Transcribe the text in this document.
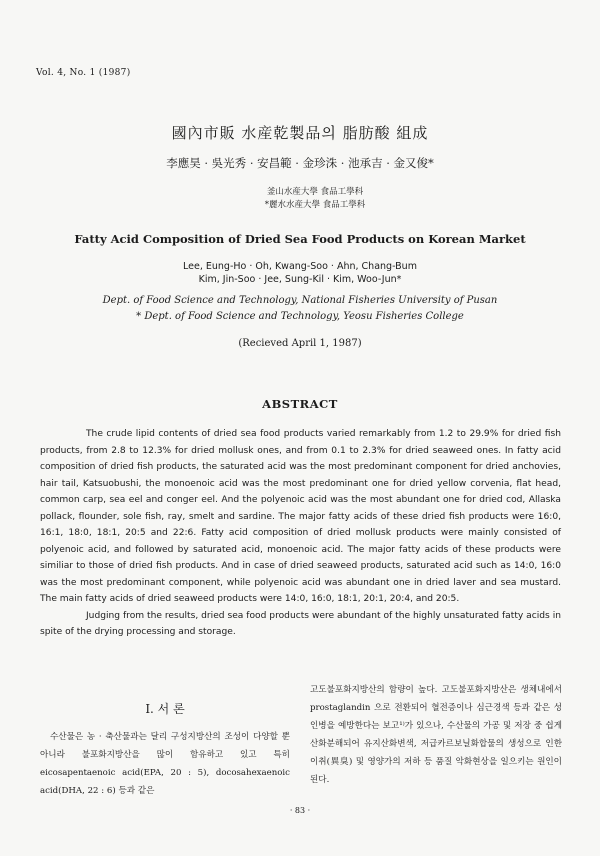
Vol. 4, No. 1 (1987)
國內市販 水産乾製品의 脂肪酸 組成
李應昊 · 吳光秀 · 安昌範 · 金珍洙 · 池承吉 · 金又俊*
釜山水産大學 食品工學科
*麗水水産大學 食品工學科
Fatty Acid Composition of Dried Sea Food Products on Korean Market
Lee, Eung-Ho · Oh, Kwang-Soo · Ahn, Chang-Bum
Kim, Jin-Soo · Jee, Sung-Kil · Kim, Woo-Jun*
Dept. of Food Science and Technology, National Fisheries University of Pusan
* Dept. of Food Science and Technology, Yeosu Fisheries College
(Recieved April 1, 1987)
ABSTRACT

The crude lipid contents of dried sea food products varied remarkably from 1.2 to 29.9% for dried fish products, from 2.8 to 12.3% for dried mollusk ones, and from 0.1 to 2.3% for dried seaweed ones. In fatty acid composition of dried fish products, the saturated acid was the most predominant component for dried anchovies, hair tail, Katsuobushi, the monoenoic acid was the most predominant one for dried yellow corvenia, flat head, common carp, sea eel and conger eel. And the polyenoic acid was the most abundant one for dried cod, Allaska pollack, flounder, sole fish, ray, smelt and sardine. The major fatty acids of these dried fish products were 16:0, 16:1, 18:0, 18:1, 20:5 and 22:6. Fatty acid composition of dried mollusk products were mainly consisted of polyenoic acid, and followed by saturated acid, monoenoic acid. The major fatty acids of these products were similiar to those of dried fish products. And in case of dried seaweed products, saturated acid such as 14:0, 16:0 was the most predominant component, while polyenoic acid was abundant one in dried laver and sea mustard. The main fatty acids of dried seaweed products were 14:0, 16:0, 18:1, 20:1, 20:4, and 20:5.

Judging from the results, dried sea food products were abundant of the highly unsaturated fatty acids in spite of the drying processing and storage.

I. 서 론

수산물은 농 · 축산물과는 달리 구성지방산의 조성이 다양할 뿐 아니라 불포화지방산을 많이 함유하고 있고 특히 eicosapentaenoic acid(EPA, 20 : 5), docosahexaenoic acid(DHA, 22 : 6) 등과 같은

고도불포화지방산의 함량이 높다. 고도불포화지방산은 생체내에서 prostaglandin 으로 전환되어 혈전증이나 심근경색 등과 같은 성인병을 예방한다는 보고¹⁾가 있으나, 수산물의 가공 및 저장 중 쉽게 산화분해되어 유지산화변색, 저급카르보닐화합물의 생성으로 인한 이취(異臭) 및 영양가의 저하 등 품질 악화현상을 일으키는 원인이 된다.

· 83 ·
